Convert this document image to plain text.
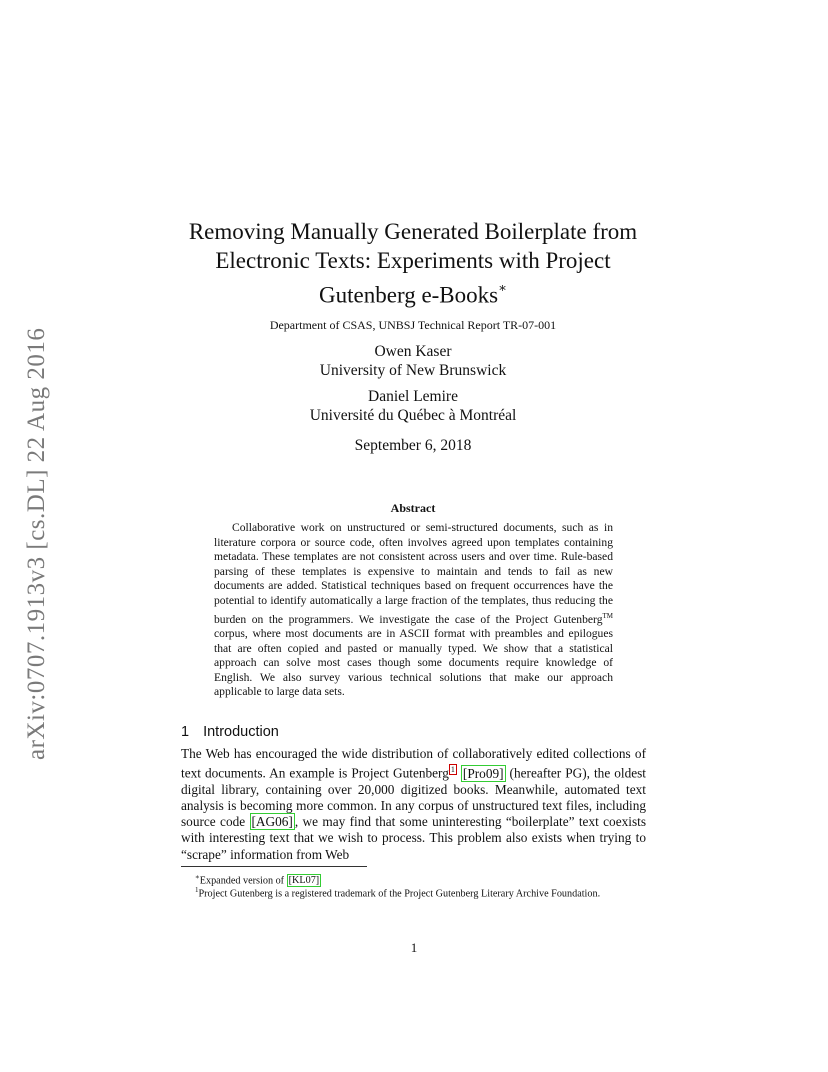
arXiv:0707.1913v3 [cs.DL] 22 Aug 2016
Removing Manually Generated Boilerplate from
Electronic Texts: Experiments with Project
Gutenberg e-Books∗
Department of CSAS, UNBSJ Technical Report TR-07-001
Owen Kaser
University of New Brunswick
Daniel Lemire
Université du Québec à Montréal
September 6, 2018
Abstract

Collaborative work on unstructured or semi-structured documents, such as in literature corpora or source code, often involves agreed upon templates containing metadata. These templates are not consistent across users and over time. Rule-based parsing of these templates is expensive to maintain and tends to fail as new documents are added. Statistical techniques based on frequent occurrences have the potential to identify automatically a large fraction of the templates, thus reducing the burden on the programmers. We investigate the case of the Project Gutenberg™ corpus, where most documents are in ASCII format with preambles and epilogues that are often copied and pasted or manually typed. We show that a statistical approach can solve most cases though some documents require knowledge of English. We also survey various technical solutions that make our approach applicable to large data sets.

1 Introduction

The Web has encouraged the wide distribution of collaboratively edited collections of text documents. An example is Project Gutenberg $^1$ [Pro09] (hereafter PG), the oldest digital library, containing over 20,000 digitized books. Meanwhile, automated text analysis is becoming more common. In any corpus of unstructured text files, including source code [AG06] , we may find that some uninteresting “boilerplate” text coexists with interesting text that we wish to process. This problem also exists when trying to “scrape” information from Web

∗Expanded version of [KL07]

$^1$Project Gutenberg is a registered trademark of the Project Gutenberg Literary Archive Foundation.

1
